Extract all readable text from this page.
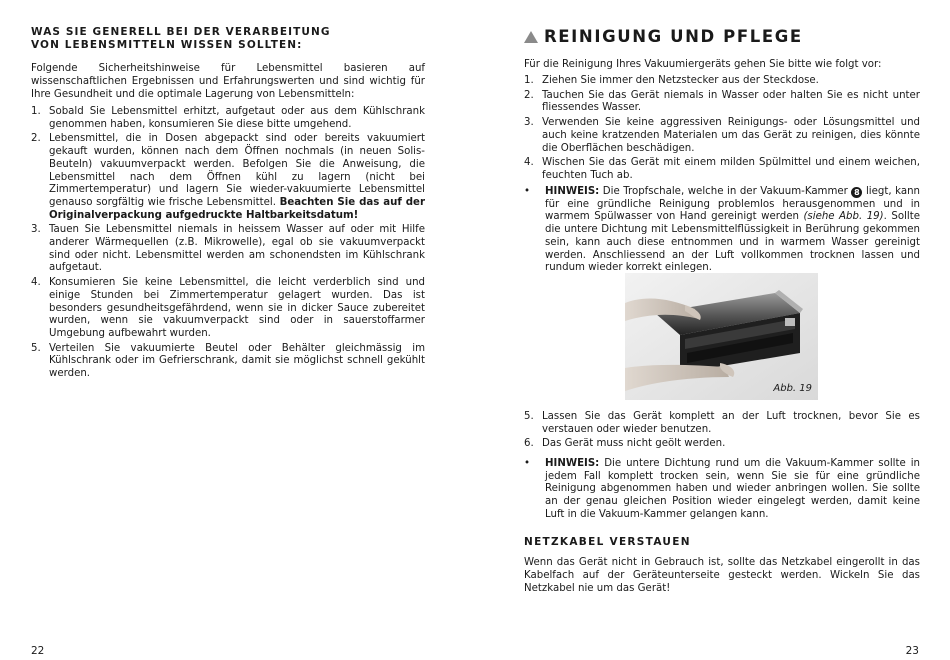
WAS SIE GENERELL BEI DER VERARBEITUNG
VON LEBENSMITTELN WISSEN SOLLTEN:
Folgende Sicherheitshinweise für Lebensmittel basieren auf wissenschaftlichen Ergebnissen und Erfahrungswerten und sind wichtig für Ihre Gesundheit und die optimale Lagerung von Lebensmitteln:
1. Sobald Sie Lebensmittel erhitzt, aufgetaut oder aus dem Kühlschrank genommen haben, konsumieren Sie diese bitte umgehend.
2. Lebensmittel, die in Dosen abgepackt sind oder bereits vakuumiert gekauft wurden, können nach dem Öffnen nochmals (in neuen Solis-Beuteln) vakuumverpackt werden. Befolgen Sie die Anweisung, die Lebensmittel nach dem Öffnen kühl zu lagern (nicht bei Zimmertemperatur) und lagern Sie wieder-vakuumierte Lebensmittel genauso sorgfältig wie frische Lebensmittel. Beachten Sie das auf der Originalverpackung aufgedruckte Haltbarkeitsdatum!
3. Tauen Sie Lebensmittel niemals in heissem Wasser auf oder mit Hilfe anderer Wärmequellen (z.B. Mikrowelle), egal ob sie vakuumverpackt sind oder nicht. Lebensmittel werden am schonendsten im Kühlschrank aufgetaut.
4. Konsumieren Sie keine Lebensmittel, die leicht verderblich sind und einige Stunden bei Zimmertemperatur gelagert wurden. Das ist besonders gesundheitsgefährdend, wenn sie in dicker Sauce zubereitet wurden, wenn sie vakuumverpackt sind oder in sauerstoffarmer Umgebung aufbewahrt wurden.
5. Verteilen Sie vakuumierte Beutel oder Behälter gleichmässig im Kühlschrank oder im Gefrierschrank, damit sie möglichst schnell gekühlt werden.
22
REINIGUNG UND PFLEGE
Für die Reinigung Ihres Vakuumiergeräts gehen Sie bitte wie folgt vor:
1. Ziehen Sie immer den Netzstecker aus der Steckdose.
2. Tauchen Sie das Gerät niemals in Wasser oder halten Sie es nicht unter fliessendes Wasser.
3. Verwenden Sie keine aggressiven Reinigungs- oder Lösungsmittel und auch keine kratzenden Materialen um das Gerät zu reinigen, dies könnte die Oberflächen beschädigen.
4. Wischen Sie das Gerät mit einem milden Spülmittel und einem weichen, feuchten Tuch ab.
• HINWEIS: Die Tropfschale, welche in der Vakuum-Kammer 8 liegt, kann für eine gründliche Reinigung problemlos herausgenommen und in warmem Spülwasser von Hand gereinigt werden (siehe Abb. 19). Sollte die untere Dichtung mit Lebensmittelflüssigkeit in Berührung gekommen sein, kann auch diese entnommen und in warmem Wasser gereinigt werden. Anschliessend an der Luft vollkommen trocknen lassen und rundum wieder korrekt einlegen.
Abb. 19
5. Lassen Sie das Gerät komplett an der Luft trocknen, bevor Sie es verstauen oder wieder benutzen.
6. Das Gerät muss nicht geölt werden.
• HINWEIS: Die untere Dichtung rund um die Vakuum-Kammer sollte in jedem Fall komplett trocken sein, wenn Sie sie für eine gründliche Reinigung abgenommen haben und wieder anbringen wollen. Sie sollte an der genau gleichen Position wieder eingelegt werden, damit keine Luft in die Vakuum-Kammer gelangen kann.
NETZKABEL VERSTAUEN
Wenn das Gerät nicht in Gebrauch ist, sollte das Netzkabel eingerollt in das Kabelfach auf der Geräteunterseite gesteckt werden. Wickeln Sie das Netzkabel nie um das Gerät!
23
